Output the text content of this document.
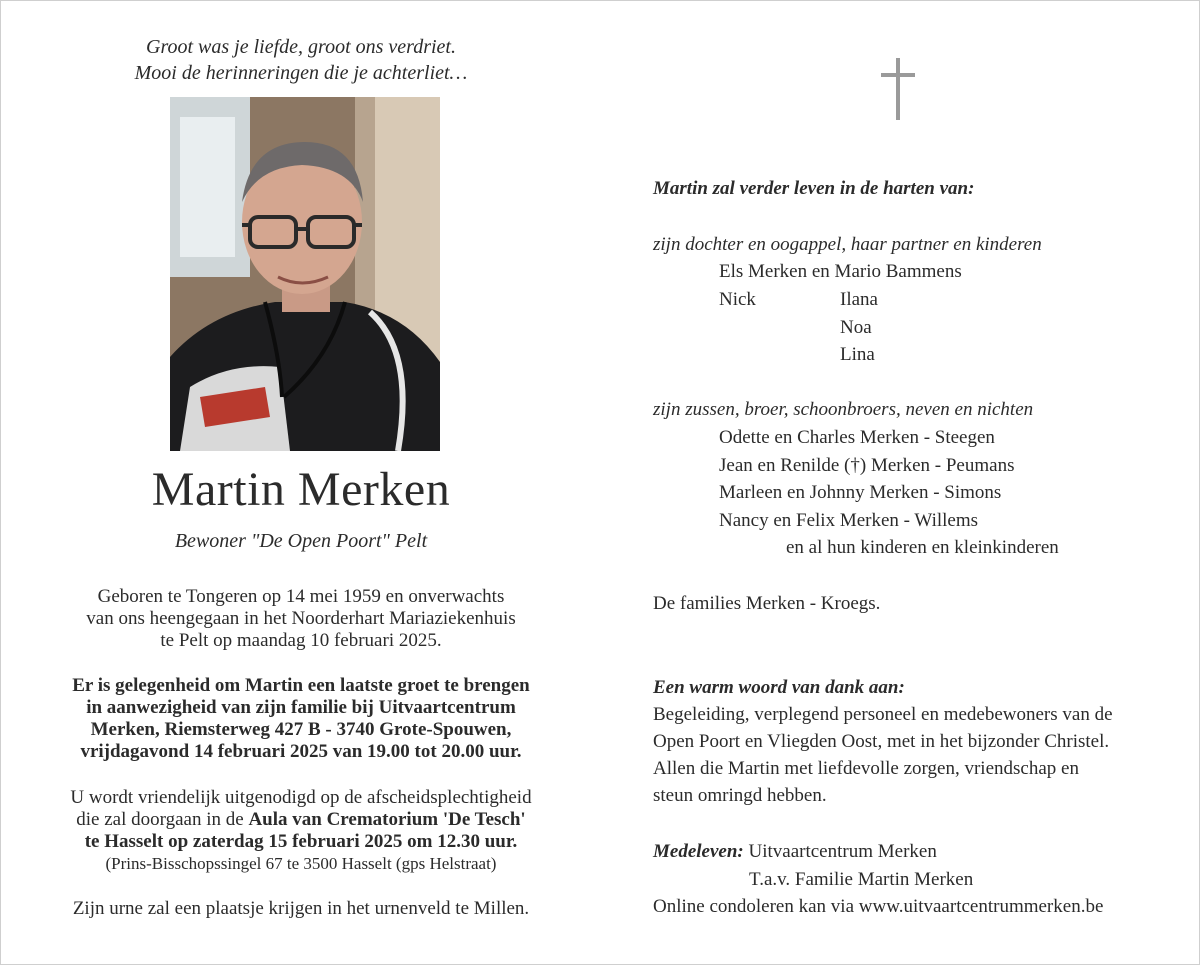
Groot was je liefde, groot ons verdriet.
Mooi de herinneringen die je achterliet…
Martin Merken
Bewoner "De Open Poort" Pelt
Geboren te Tongeren op 14 mei 1959 en onverwachts
van ons heengegaan in het Noorderhart Mariaziekenhuis
te Pelt op maandag 10 februari 2025.
Er is gelegenheid om Martin een laatste groet te brengen
in aanwezigheid van zijn familie bij Uitvaartcentrum
Merken, Riemsterweg 427 B - 3740 Grote-Spouwen,
vrijdagavond 14 februari 2025 van 19.00 tot 20.00 uur.
U wordt vriendelijk uitgenodigd op de afscheidsplechtigheid
die zal doorgaan in de Aula van Crematorium 'De Tesch'
te Hasselt op zaterdag 15 februari 2025 om 12.30 uur.
(Prins-Bisschopssingel 67 te 3500 Hasselt (gps Helstraat)
Zijn urne zal een plaatsje krijgen in het urnenveld te Millen.
Martin zal verder leven in de harten van:
zijn dochter en oogappel, haar partner en kinderen
Els Merken en Mario Bammens
Nick	Ilana
Noa
Lina
zijn zussen, broer, schoonbroers, neven en nichten
Odette en Charles Merken - Steegen
Jean en Renilde (†) Merken - Peumans
Marleen en Johnny Merken - Simons
Nancy en Felix Merken - Willems
en al hun kinderen en kleinkinderen
De families Merken - Kroegs.
Een warm woord van dank aan:
Begeleiding, verplegend personeel en medebewoners van de
Open Poort en Vliegden Oost, met in het bijzonder Christel.
Allen die Martin met liefdevolle zorgen, vriendschap en
steun omringd hebben.
Medeleven: Uitvaartcentrum Merken
T.a.v. Familie Martin Merken
Online condoleren kan via www.uitvaartcentrummerken.be
